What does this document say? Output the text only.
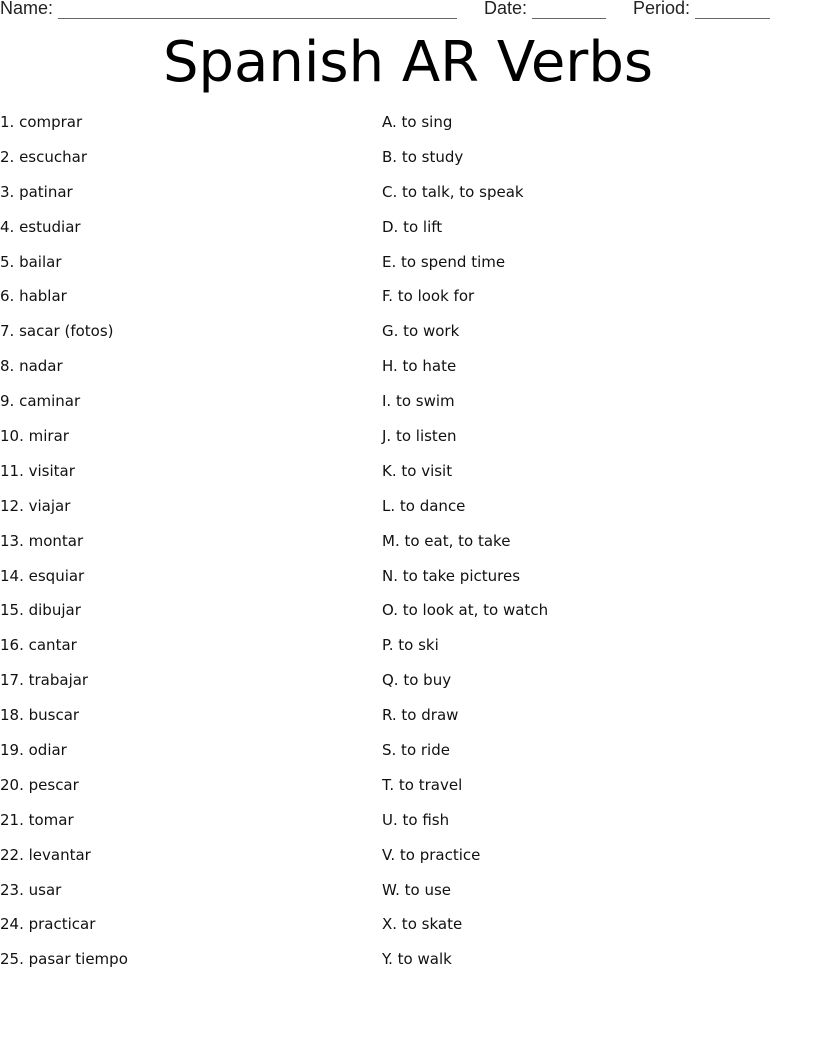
Name:	Date:	Period:
Spanish AR Verbs
1. comprar
2. escuchar
3. patinar
4. estudiar
5. bailar
6. hablar
7. sacar (fotos)
8. nadar
9. caminar
10. mirar
11. visitar
12. viajar
13. montar
14. esquiar
15. dibujar
16. cantar
17. trabajar
18. buscar
19. odiar
20. pescar
21. tomar
22. levantar
23. usar
24. practicar
25. pasar tiempo
A. to sing
B. to study
C. to talk, to speak
D. to lift
E. to spend time
F. to look for
G. to work
H. to hate
I. to swim
J. to listen
K. to visit
L. to dance
M. to eat, to take
N. to take pictures
O. to look at, to watch
P. to ski
Q. to buy
R. to draw
S. to ride
T. to travel
U. to fish
V. to practice
W. to use
X. to skate
Y. to walk
